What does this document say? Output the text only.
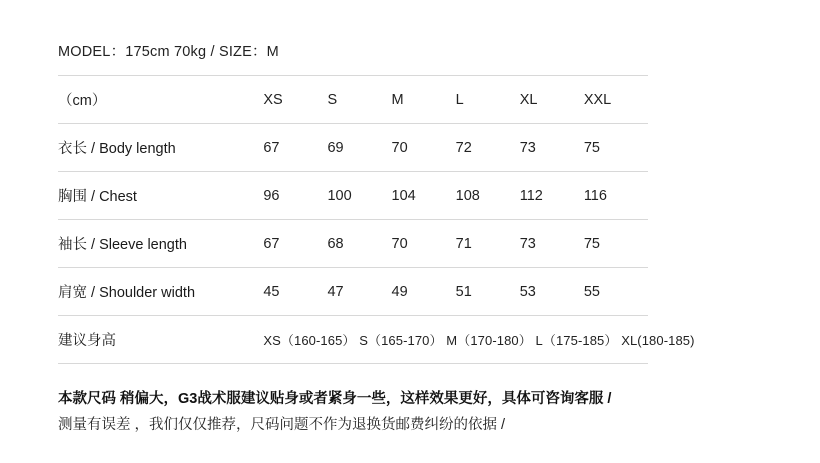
MODEL：175cm 70kg / SIZE：M
（cm）	XS	S	M	L	XL	XXL
衣长 / Body length	67	69	70	72	73	75
胸围 / Chest	96	100	104	108	112	116
袖长 / Sleeve length	67	68	70	71	73	75
肩宽 / Shoulder width	45	47	49	51	53	55
建议身高	XS（160-165） S（165-170） M（170-180） L（175-185） XL(180-185)					
本款尺码 稍偏大，G3战术服建议贴身或者紧身一些，这样效果更好，具体可咨询客服 /
测量有误差 ，我们仅仅推荐，尺码问题不作为退换货邮费纠纷的依据 /
